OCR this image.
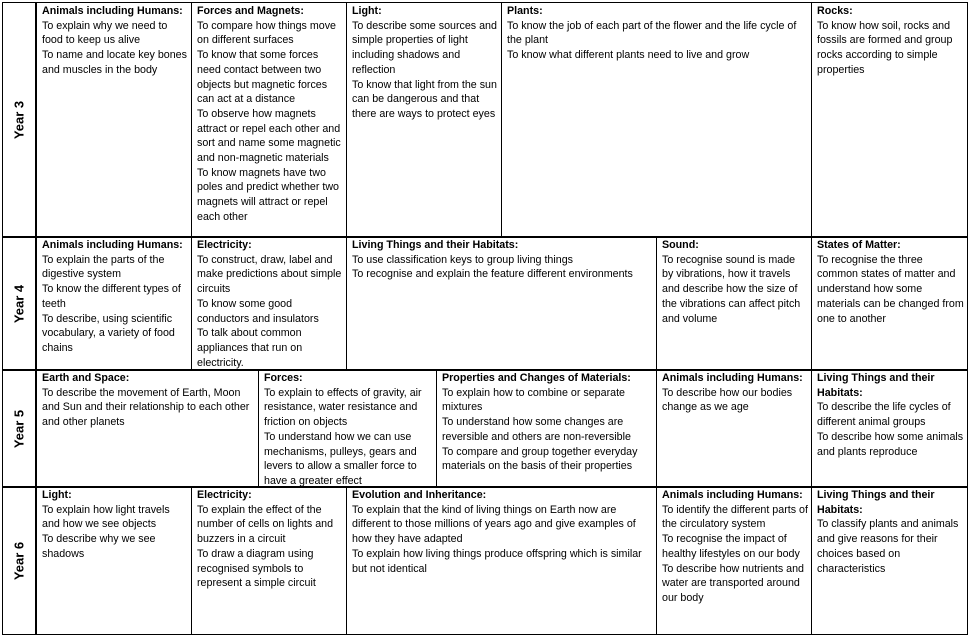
Year 3
Animals including Humans:
To explain why we need to food to keep us alive
To name and locate key bones and muscles in the body
Forces and Magnets:
To compare how things move on different surfaces
To know that some forces need contact between two objects but magnetic forces can act at a distance
To observe how magnets attract or repel each other and sort and name some magnetic and non-magnetic materials
To know magnets have two poles and predict whether two magnets will attract or repel each other
Light:
To describe some sources and simple properties of light including shadows and reflection
To know that light from the sun can be dangerous and that there are ways to protect eyes
Plants:
To know the job of each part of the flower and the life cycle of the plant
To know what different plants need to live and grow
Rocks:
To know how soil, rocks and fossils are formed and group rocks according to simple properties
Year 4
Animals including Humans:
To explain the parts of the digestive system
To know the different types of teeth
To describe, using scientific vocabulary, a variety of food chains
Electricity:
To construct, draw, label and make predictions about simple circuits
To know some good conductors and insulators
To talk about common appliances that run on electricity.
Living Things and their Habitats:
To use classification keys to group living things
To recognise and explain the feature different environments
Sound:
To recognise sound is made by vibrations, how it travels and describe how the size of the vibrations can affect pitch and volume
States of Matter:
To recognise the three common states of matter and understand how some materials can be changed from one to another
Year 5
Earth and Space:
To describe the movement of Earth, Moon and Sun and their relationship to each other and other planets
Forces:
To explain to effects of gravity, air resistance, water resistance and friction on objects
To understand how we can use mechanisms, pulleys, gears and levers to allow a smaller force to have a greater effect
Properties and Changes of Materials:
To explain how to combine or separate mixtures
To understand how some changes are reversible and others are non-reversible
To compare and group together everyday materials on the basis of their properties
Animals including Humans:
To describe how our bodies change as we age
Living Things and their Habitats:
To describe the life cycles of different animal groups
To describe how some animals and plants reproduce
Year 6
Light:
To explain how light travels and how we see objects
To describe why we see shadows
Electricity:
To explain the effect of the number of cells on lights and buzzers in a circuit
To draw a diagram using recognised symbols to represent a simple circuit
Evolution and Inheritance:
To explain that the kind of living things on Earth now are different to those millions of years ago and give examples of how they have adapted
To explain how living things produce offspring which is similar but not identical
Animals including Humans:
To identify the different parts of the circulatory system
To recognise the impact of healthy lifestyles on our body
To describe how nutrients and water are transported around our body
Living Things and their Habitats:
To classify plants and animals and give reasons for their choices based on characteristics
